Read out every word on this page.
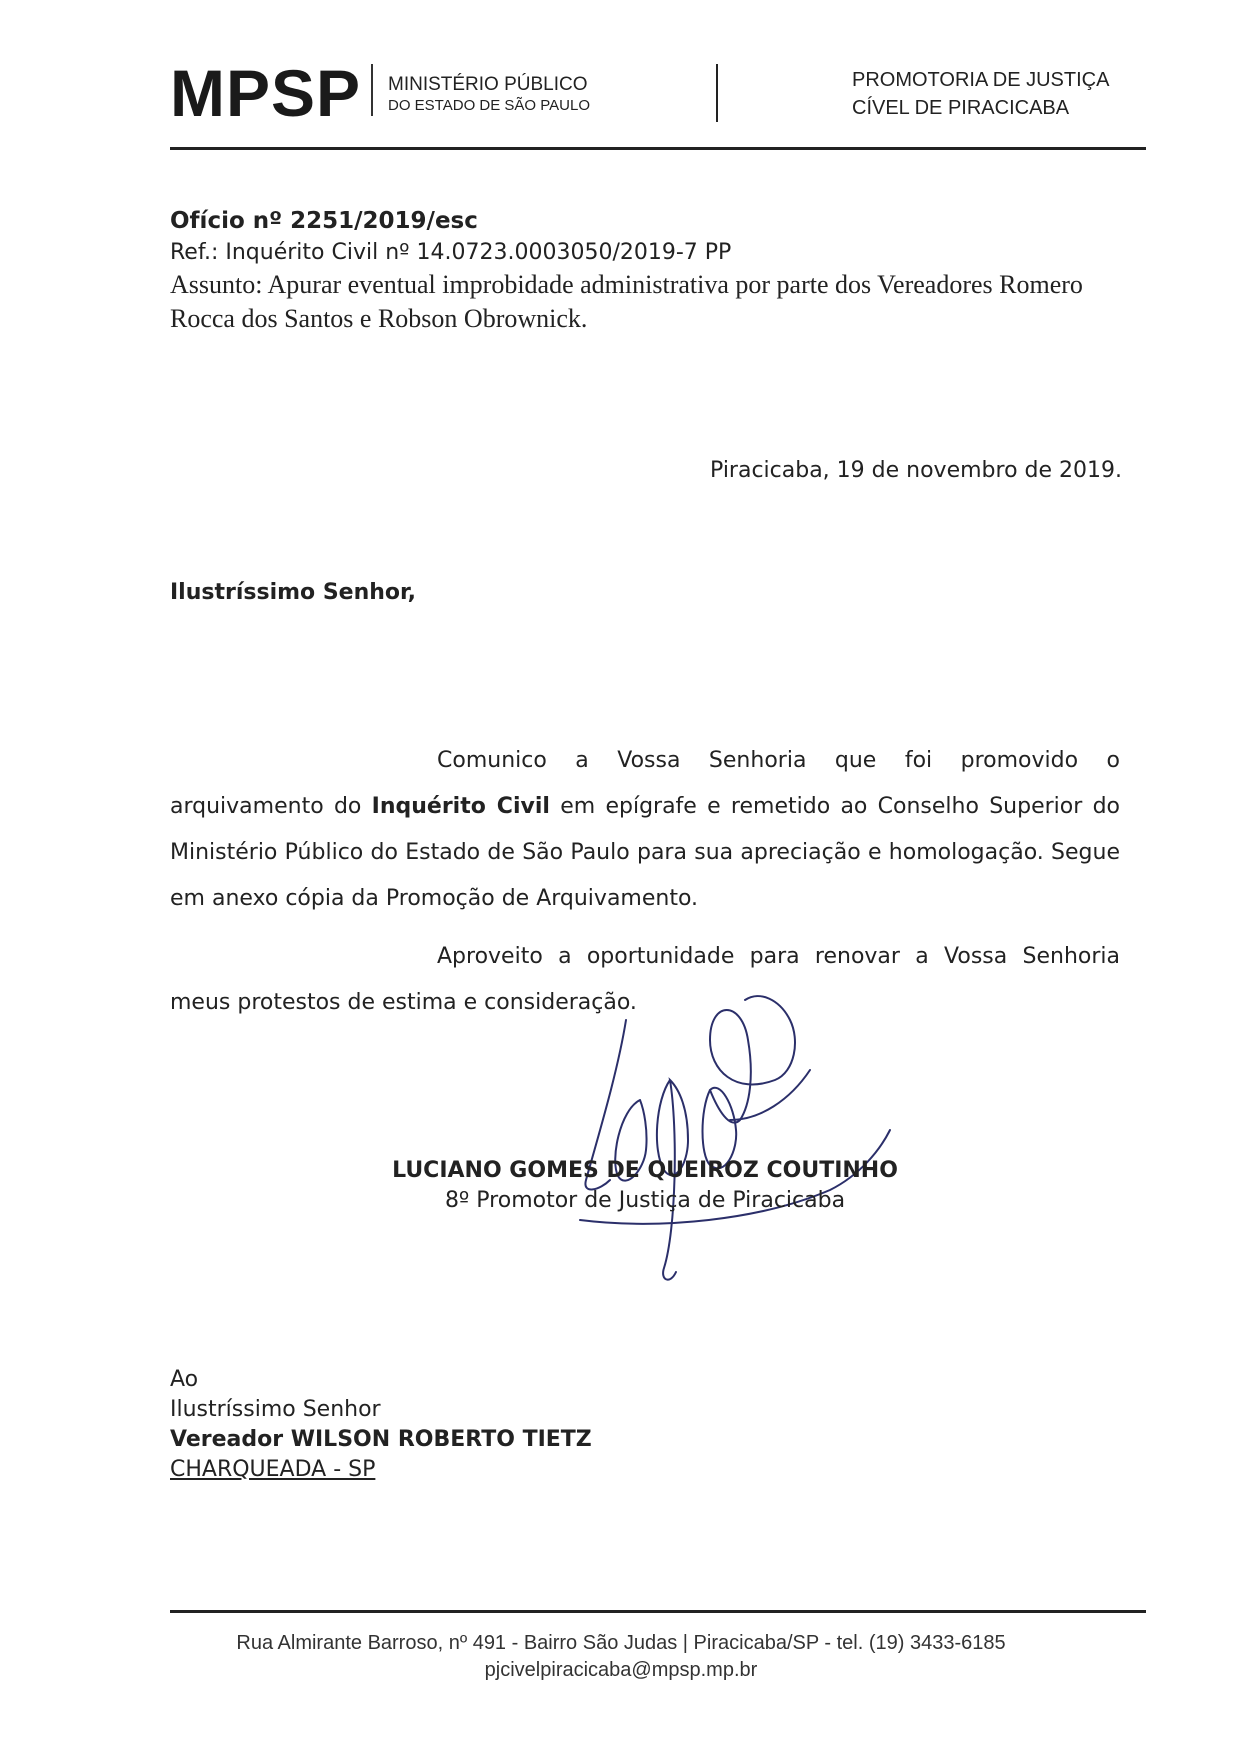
MPSP MINISTÉRIO PÚBLICO
DO ESTADO DE SÃO PAULO
PROMOTORIA DE JUSTIÇA
CÍVEL DE PIRACICABA
Ofício nº 2251/2019/esc
Ref.: Inquérito Civil nº 14.0723.0003050/2019-7 PP
Assunto: Apurar eventual improbidade administrativa por parte dos Vereadores Romero Rocca dos Santos e Robson Obrownick.
Piracicaba, 19 de novembro de 2019.
Ilustríssimo Senhor,
Comunico a Vossa Senhoria que foi promovido o arquivamento do Inquérito Civil em epígrafe e remetido ao Conselho Superior do Ministério Público do Estado de São Paulo para sua apreciação e homologação. Segue em anexo cópia da Promoção de Arquivamento.
Aproveito a oportunidade para renovar a Vossa Senhoria meus protestos de estima e consideração.
LUCIANO GOMES DE QUEIROZ COUTINHO
8º Promotor de Justiça de Piracicaba
Ao
Ilustríssimo Senhor
Vereador WILSON ROBERTO TIETZ
CHARQUEADA - SP
Rua Almirante Barroso, nº 491 - Bairro São Judas | Piracicaba/SP - tel. (19) 3433-6185
pjcivelpiracicaba@mpsp.mp.br
